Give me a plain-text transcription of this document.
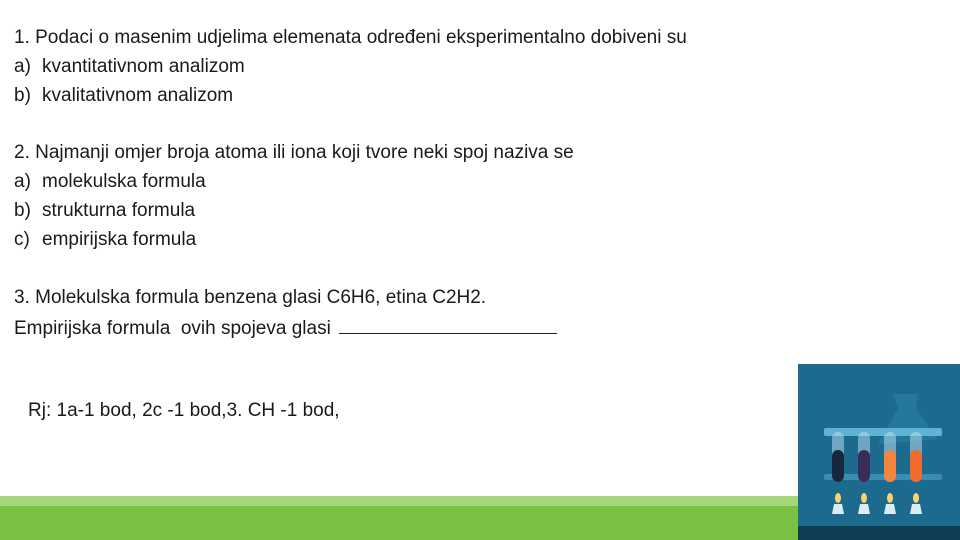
1. Podaci o masenim udjelima elemenata određeni eksperimentalno dobiveni su
a) kvantitativnom analizom
b) kvalitativnom analizom
2. Najmanji omjer broja atoma ili iona koji tvore neki spoj naziva se
a) molekulska formula
b) strukturna formula
c) empirijska formula
3. Molekulska formula benzena glasi C6H6, etina C2H2.
Empirijska formula  ovih spojeva glasi
Rj: 1a-1 bod, 2c -1 bod,3. CH -1 bod,
